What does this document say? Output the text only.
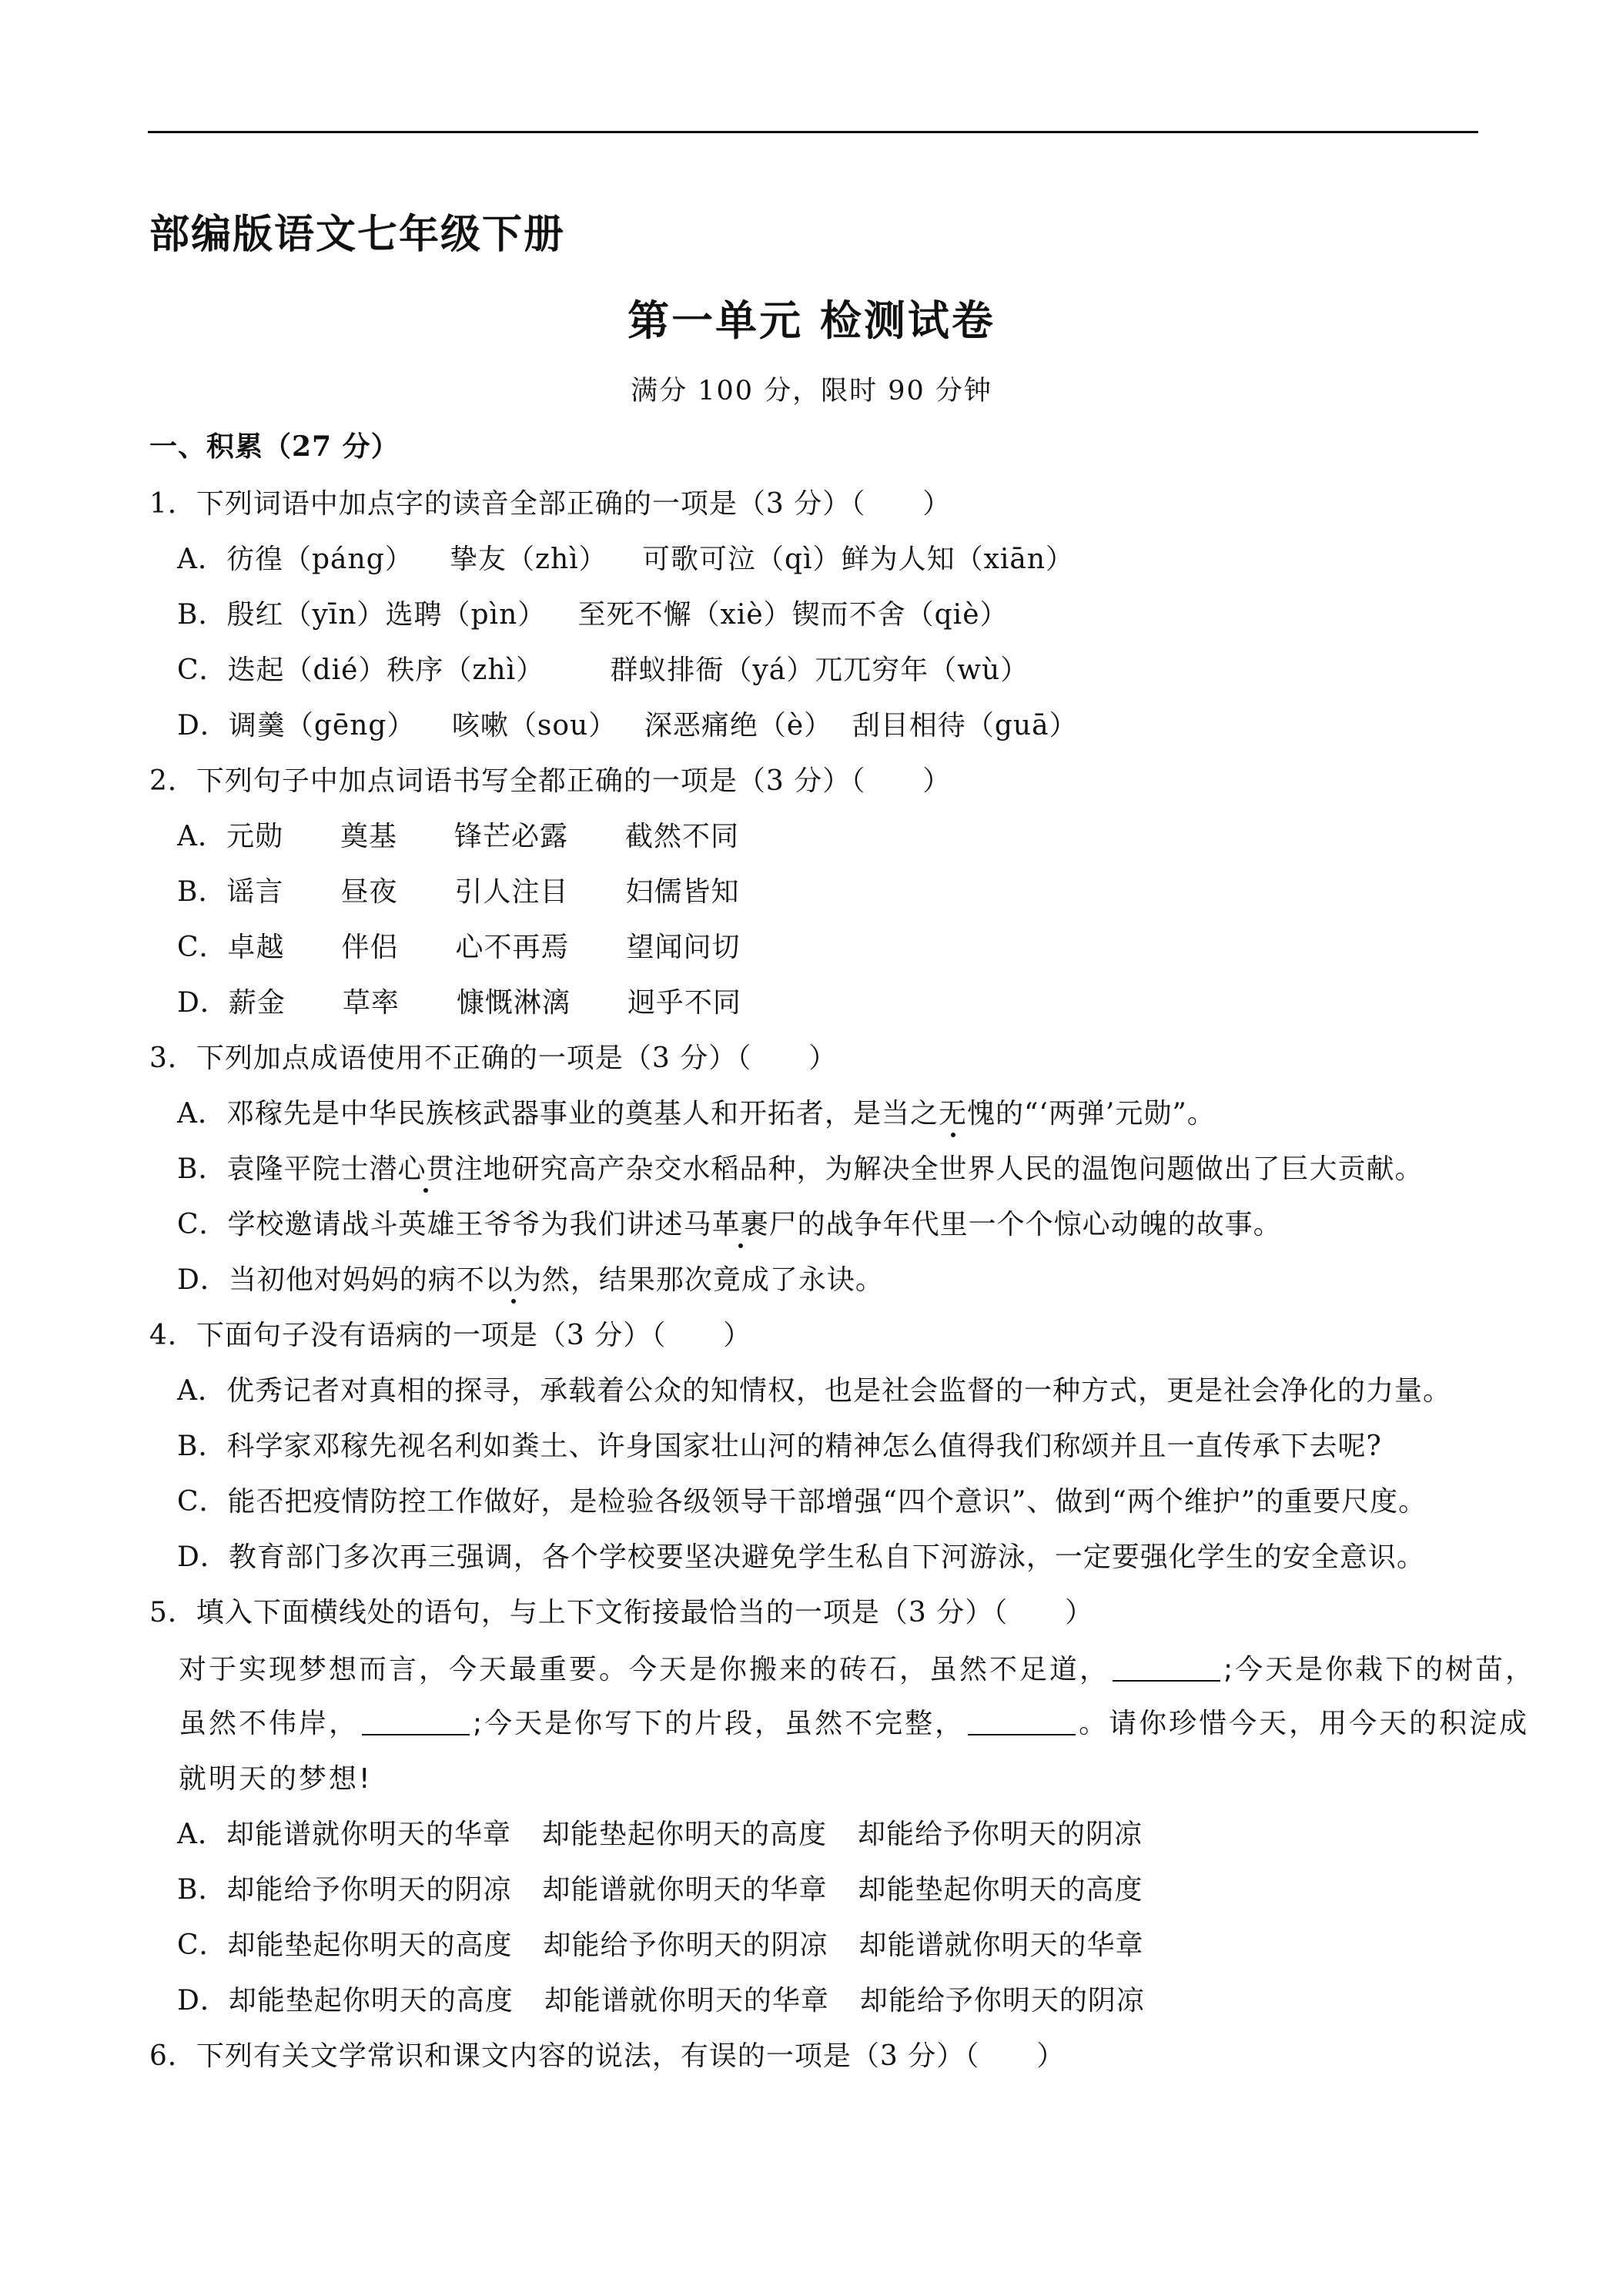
部编版语文七年级下册
第一单元 检测试卷
满分 100 分，限时 90 分钟
一、积累（27 分）
1．下列词语中加点字的读音全部正确的一项是（3 分）（　　）
A．彷徨（páng） 挚友（zhì） 可歌可泣（qì）鲜为人知（xiān）
B．殷红（yīn）选聘（pìn） 至死不懈（xiè）锲而不舍（qiè）
C．迭起（dié）秩序（zhì） 群蚁排衙（yá）兀兀穷年（wù）
D．调羹（gēng） 咳嗽（sou） 深恶痛绝（è） 刮目相待（guā）
2．下列句子中加点词语书写全都正确的一项是（3 分）（　　）
A．元勋 奠基 锋芒必露 截然不同
B．谣言 昼夜 引人注目 妇儒皆知
C．卓越 伴侣 心不再焉 望闻问切
D．薪金 草率 慷慨淋漓 迥乎不同
3．下列加点成语使用不正确的一项是（3 分）（　　）
A．邓稼先是中华民族核武器事业的奠基人和开拓者，是当之无愧的“‘两弹’元勋”。
B．袁隆平院士潜心贯注地研究高产杂交水稻品种，为解决全世界人民的温饱问题做出了巨大贡献。
C．学校邀请战斗英雄王爷爷为我们讲述马革裹尸的战争年代里一个个惊心动魄的故事。
D．当初他对妈妈的病不以为然，结果那次竟成了永诀。
4．下面句子没有语病的一项是（3 分）（　　）
A．优秀记者对真相的探寻，承载着公众的知情权，也是社会监督的一种方式，更是社会净化的力量。
B．科学家邓稼先视名利如粪土、许身国家壮山河的精神怎么值得我们称颂并且一直传承下去呢?
C．能否把疫情防控工作做好，是检验各级领导干部增强“四个意识”、做到“两个维护”的重要尺度。
D．教育部门多次再三强调，各个学校要坚决避免学生私自下河游泳，一定要强化学生的安全意识。
5．填入下面横线处的语句，与上下文衔接最恰当的一项是（3 分）（　　）
对于实现梦想而言，今天最重要。今天是你搬来的砖石，虽然不足道，	;今天是你栽下的树苗，
虽然不伟岸，	;今天是你写下的片段，虽然不完整，	。请你珍惜今天，用今天的积淀成
就明天的梦想!
A．却能谱就你明天的华章 却能垫起你明天的高度 却能给予你明天的阴凉
B．却能给予你明天的阴凉 却能谱就你明天的华章 却能垫起你明天的高度
C．却能垫起你明天的高度 却能给予你明天的阴凉 却能谱就你明天的华章
D．却能垫起你明天的高度 却能谱就你明天的华章 却能给予你明天的阴凉
6．下列有关文学常识和课文内容的说法，有误的一项是（3 分）（　　）
